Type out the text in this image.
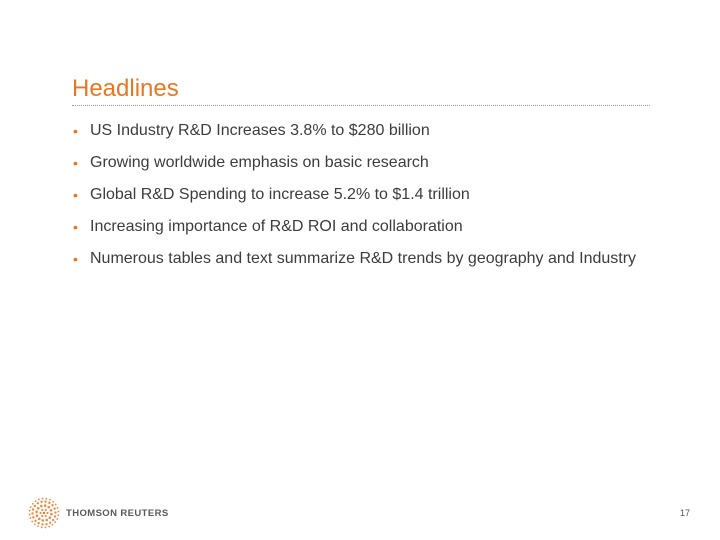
Headlines
• US Industry R&D Increases 3.8% to $280 billion
• Growing worldwide emphasis on basic research
• Global R&D Spending to increase 5.2% to $1.4 trillion
• Increasing importance of R&D ROI and collaboration
• Numerous tables and text summarize R&D trends by geography and Industry
THOMSON REUTERS	17
